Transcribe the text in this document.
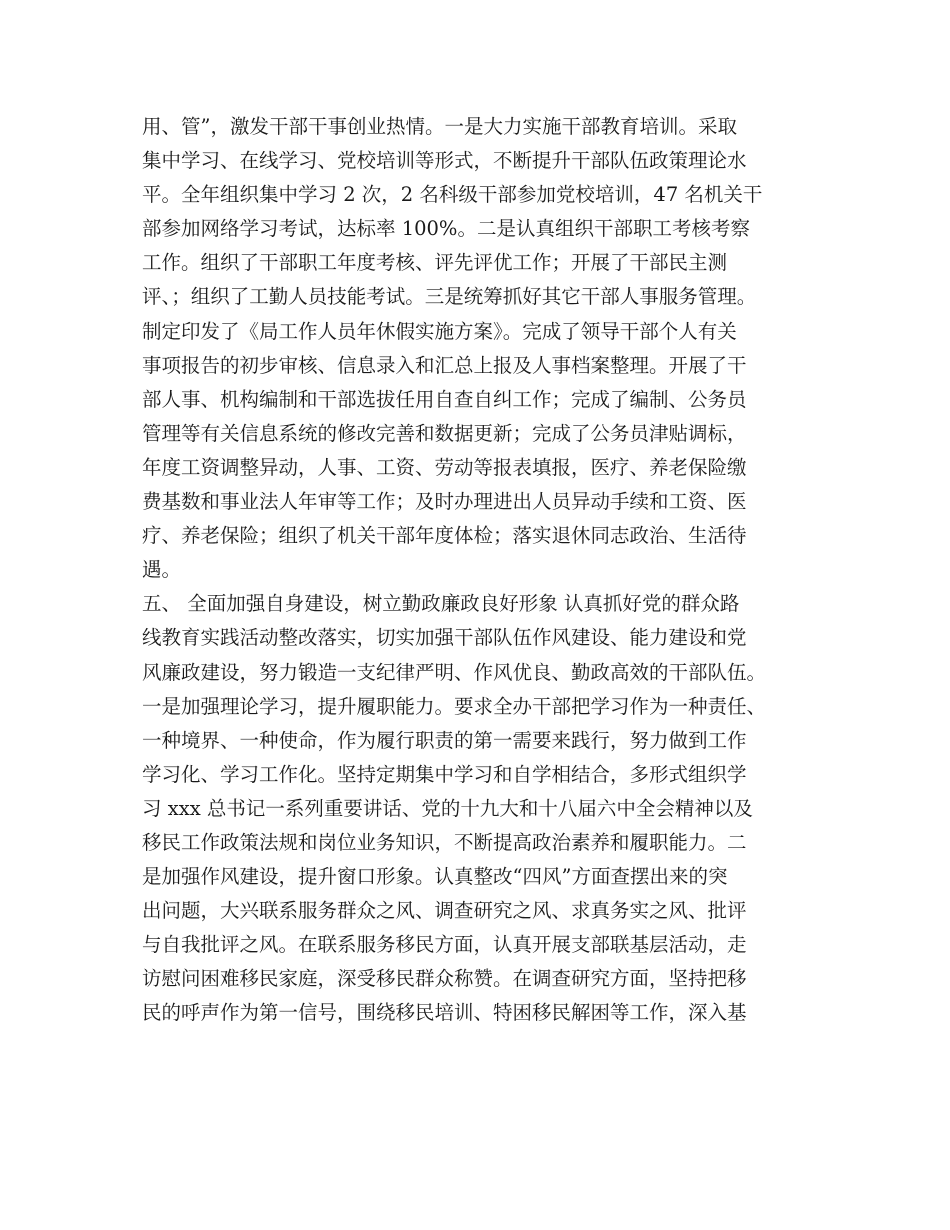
用、管”，激发干部干事创业热情。一是大力实施干部教育培训。采取
集中学习、在线学习、党校培训等形式，不断提升干部队伍政策理论水
平。全年组织集中学习 2 次，2 名科级干部参加党校培训，47 名机关干
部参加网络学习考试，达标率 100%。二是认真组织干部职工考核考察
工作。组织了干部职工年度考核、评先评优工作；开展了干部民主测
评、；组织了工勤人员技能考试。三是统筹抓好其它干部人事服务管理。
制定印发了《局工作人员年休假实施方案》。完成了领导干部个人有关
事项报告的初步审核、信息录入和汇总上报及人事档案整理。开展了干
部人事、机构编制和干部选拔任用自查自纠工作；完成了编制、公务员
管理等有关信息系统的修改完善和数据更新；完成了公务员津贴调标，
年度工资调整异动，人事、工资、劳动等报表填报，医疗、养老保险缴
费基数和事业法人年审等工作；及时办理进出人员异动手续和工资、医
疗、养老保险；组织了机关干部年度体检；落实退休同志政治、生活待
遇。
五、 全面加强自身建设，树立勤政廉政良好形象 认真抓好党的群众路
线教育实践活动整改落实，切实加强干部队伍作风建设、能力建设和党
风廉政建设，努力锻造一支纪律严明、作风优良、勤政高效的干部队伍。
一是加强理论学习，提升履职能力。要求全办干部把学习作为一种责任、
一种境界、一种使命，作为履行职责的第一需要来践行，努力做到工作
学习化、学习工作化。坚持定期集中学习和自学相结合，多形式组织学
习 xxx 总书记一系列重要讲话、党的十九大和十八届六中全会精神以及
移民工作政策法规和岗位业务知识，不断提高政治素养和履职能力。二
是加强作风建设，提升窗口形象。认真整改“四风”方面查摆出来的突
出问题，大兴联系服务群众之风、调查研究之风、求真务实之风、批评
与自我批评之风。在联系服务移民方面，认真开展支部联基层活动，走
访慰问困难移民家庭，深受移民群众称赞。在调查研究方面，坚持把移
民的呼声作为第一信号，围绕移民培训、特困移民解困等工作，深入基
